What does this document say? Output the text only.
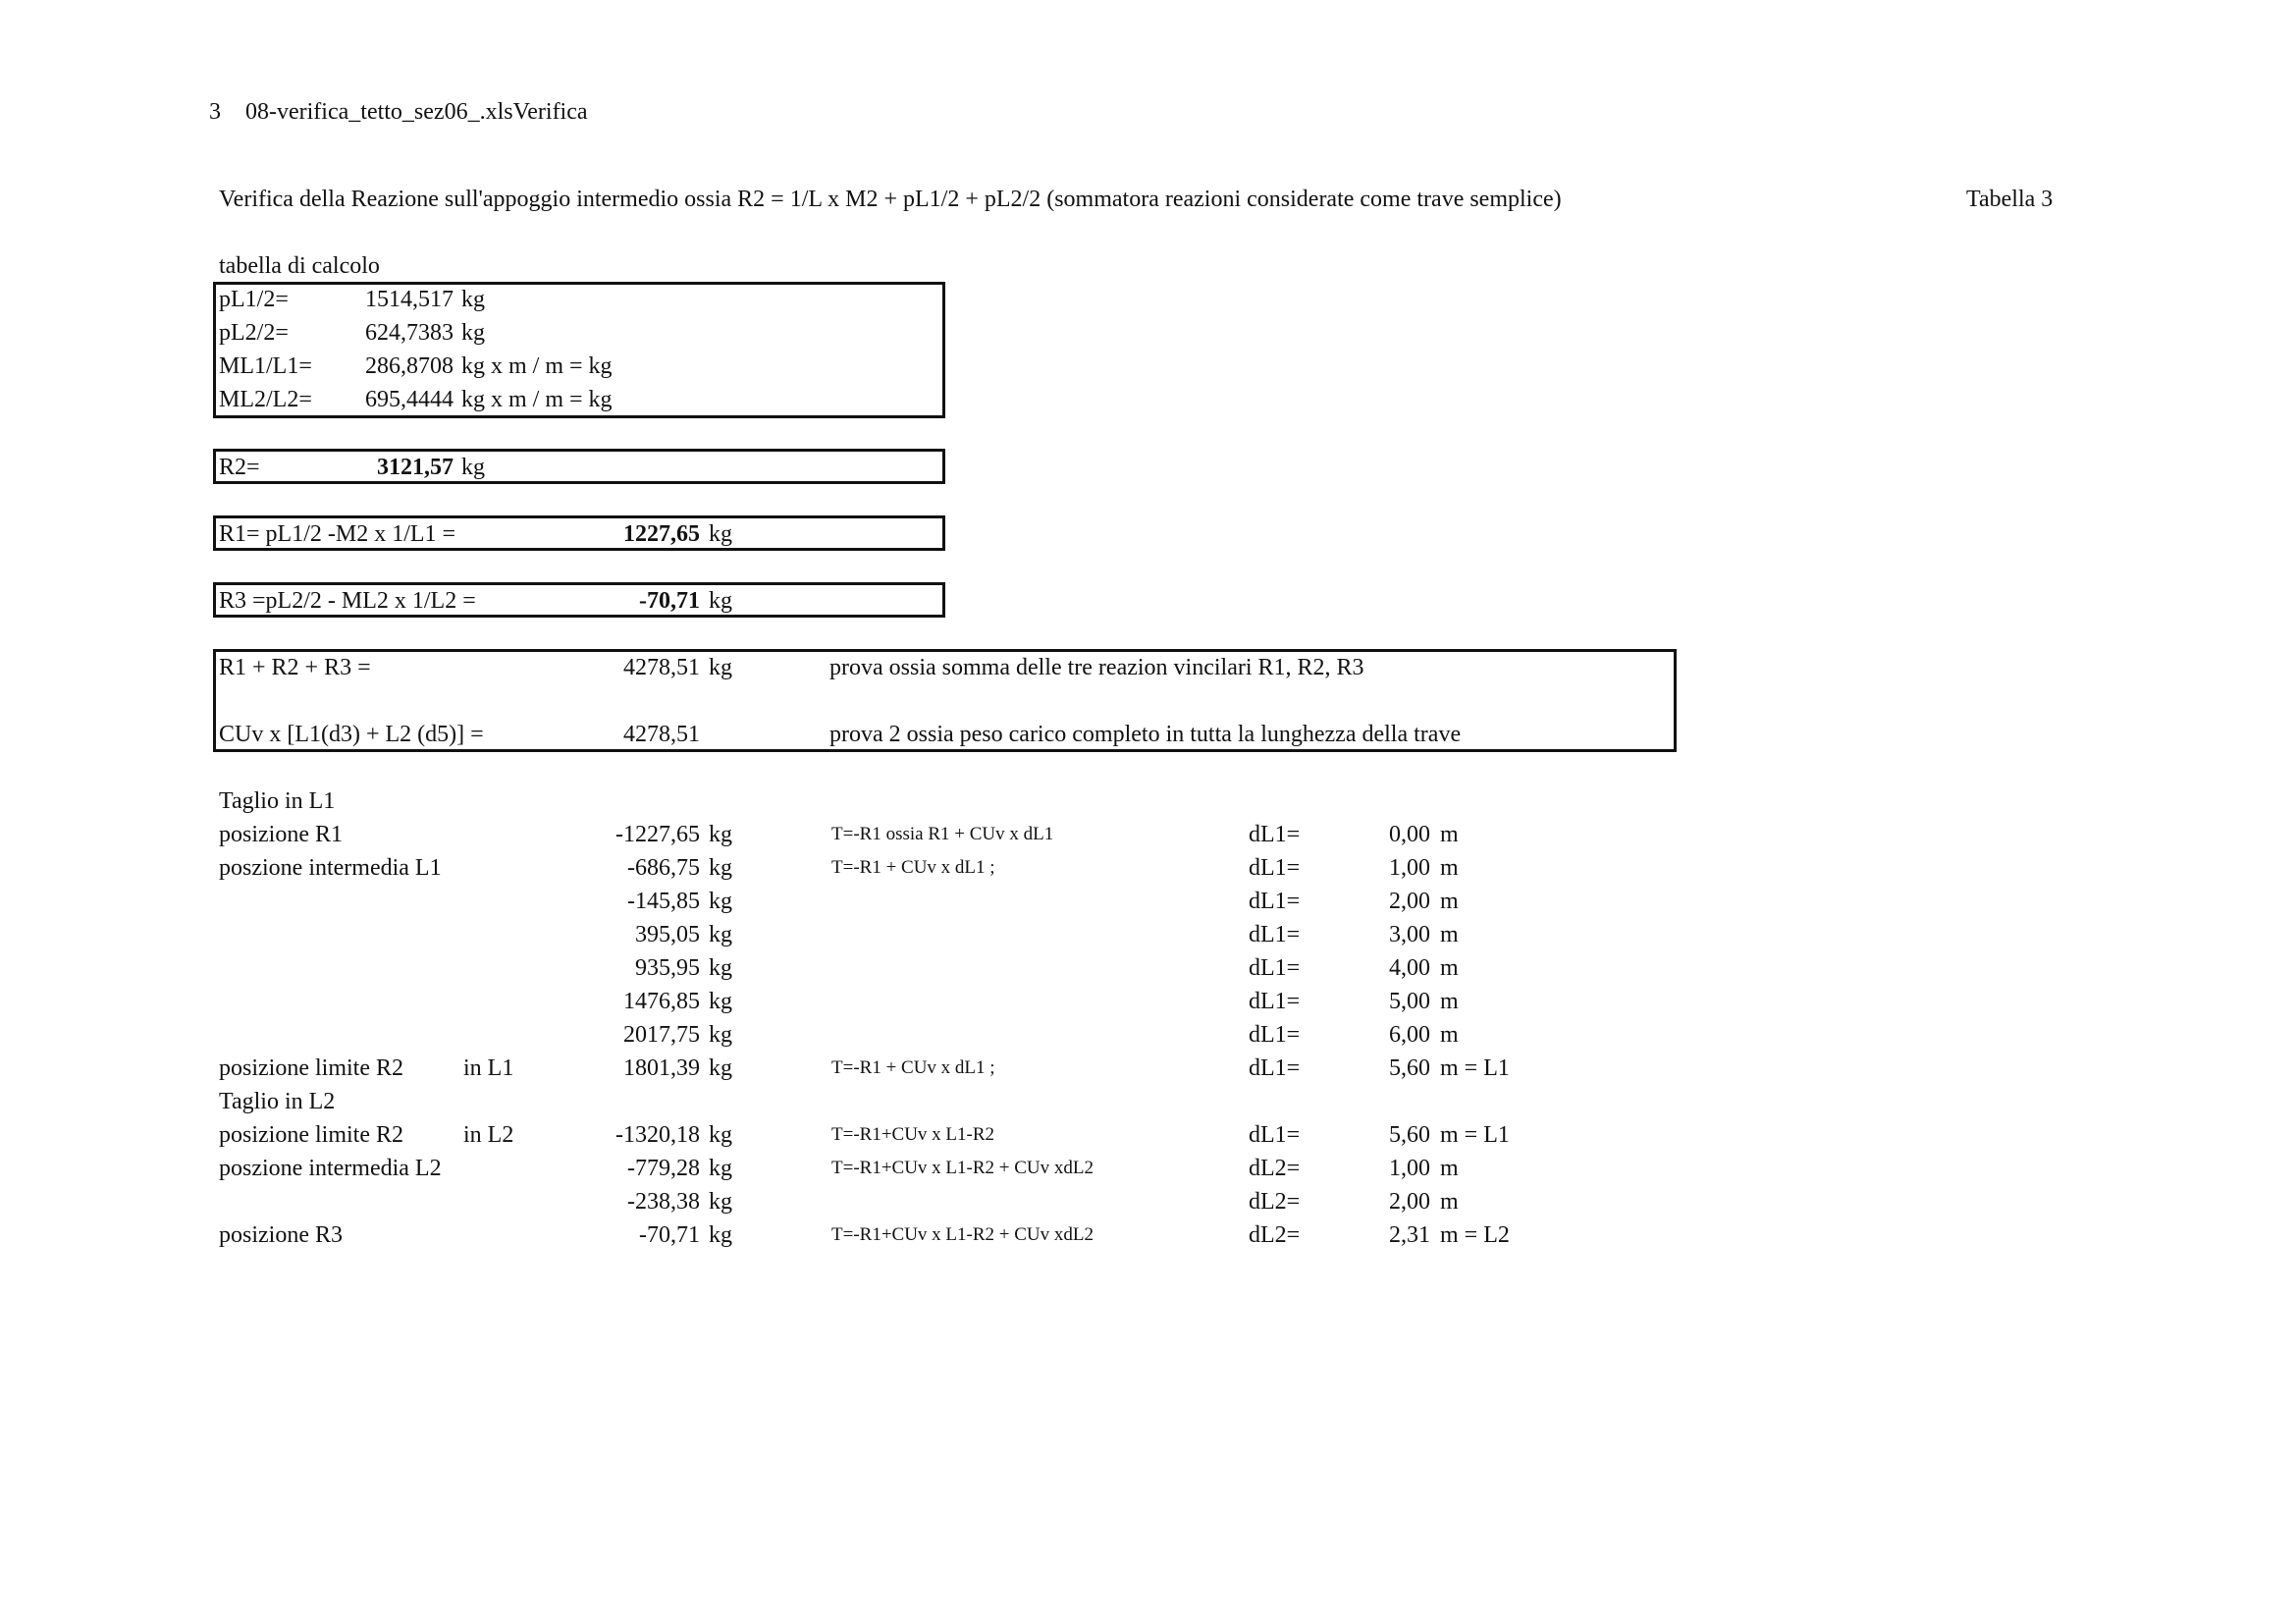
3 08-verifica_tetto_sez06_.xlsVerifica
Verifica della Reazione sull'appoggio intermedio ossia R2 = 1/L x M2 + pL1/2 + pL2/2 (sommatora reazioni considerate come trave semplice)	Tabella 3
tabella di calcolo
pL1/2=	1514,517 kg
pL2/2=	624,7383 kg
ML1/L1=	286,8708 kg x m / m = kg
ML2/L2=	695,4444 kg x m / m = kg
R2=	3121,57 kg
R1= pL1/2 -M2 x 1/L1 =	1227,65 kg
R3 =pL2/2 - ML2 x 1/L2 =	-70,71 kg
R1 + R2 + R3 =	4278,51 kg	prova ossia somma delle tre reazion vincilari R1, R2, R3
CUv x [L1(d3) + L2 (d5)] =	4278,51	prova 2 ossia peso carico completo in tutta la lunghezza della trave
Taglio in L1
posizione R1	-1227,65 kg	T=-R1 ossia R1 + CUv x dL1	dL1=	0,00 m
poszione intermedia L1	-686,75 kg	T=-R1 + CUv x dL1 ;	dL1=	1,00 m
-145,85 kg	dL1=	2,00 m
395,05 kg	dL1=	3,00 m
935,95 kg	dL1=	4,00 m
1476,85 kg	dL1=	5,00 m
2017,75 kg	dL1=	6,00 m
posizione limite R2	in L1	1801,39 kg	T=-R1 + CUv x dL1 ;	dL1=	5,60 m = L1
Taglio in L2
posizione limite R2	in L2	-1320,18 kg	T=-R1+CUv x L1-R2	dL1=	5,60 m = L1
poszione intermedia L2	-779,28 kg	T=-R1+CUv x L1-R2 + CUv xdL2	dL2=	1,00 m
-238,38 kg	dL2=	2,00 m
posizione R3	-70,71 kg	T=-R1+CUv x L1-R2 + CUv xdL2	dL2=	2,31 m = L2
